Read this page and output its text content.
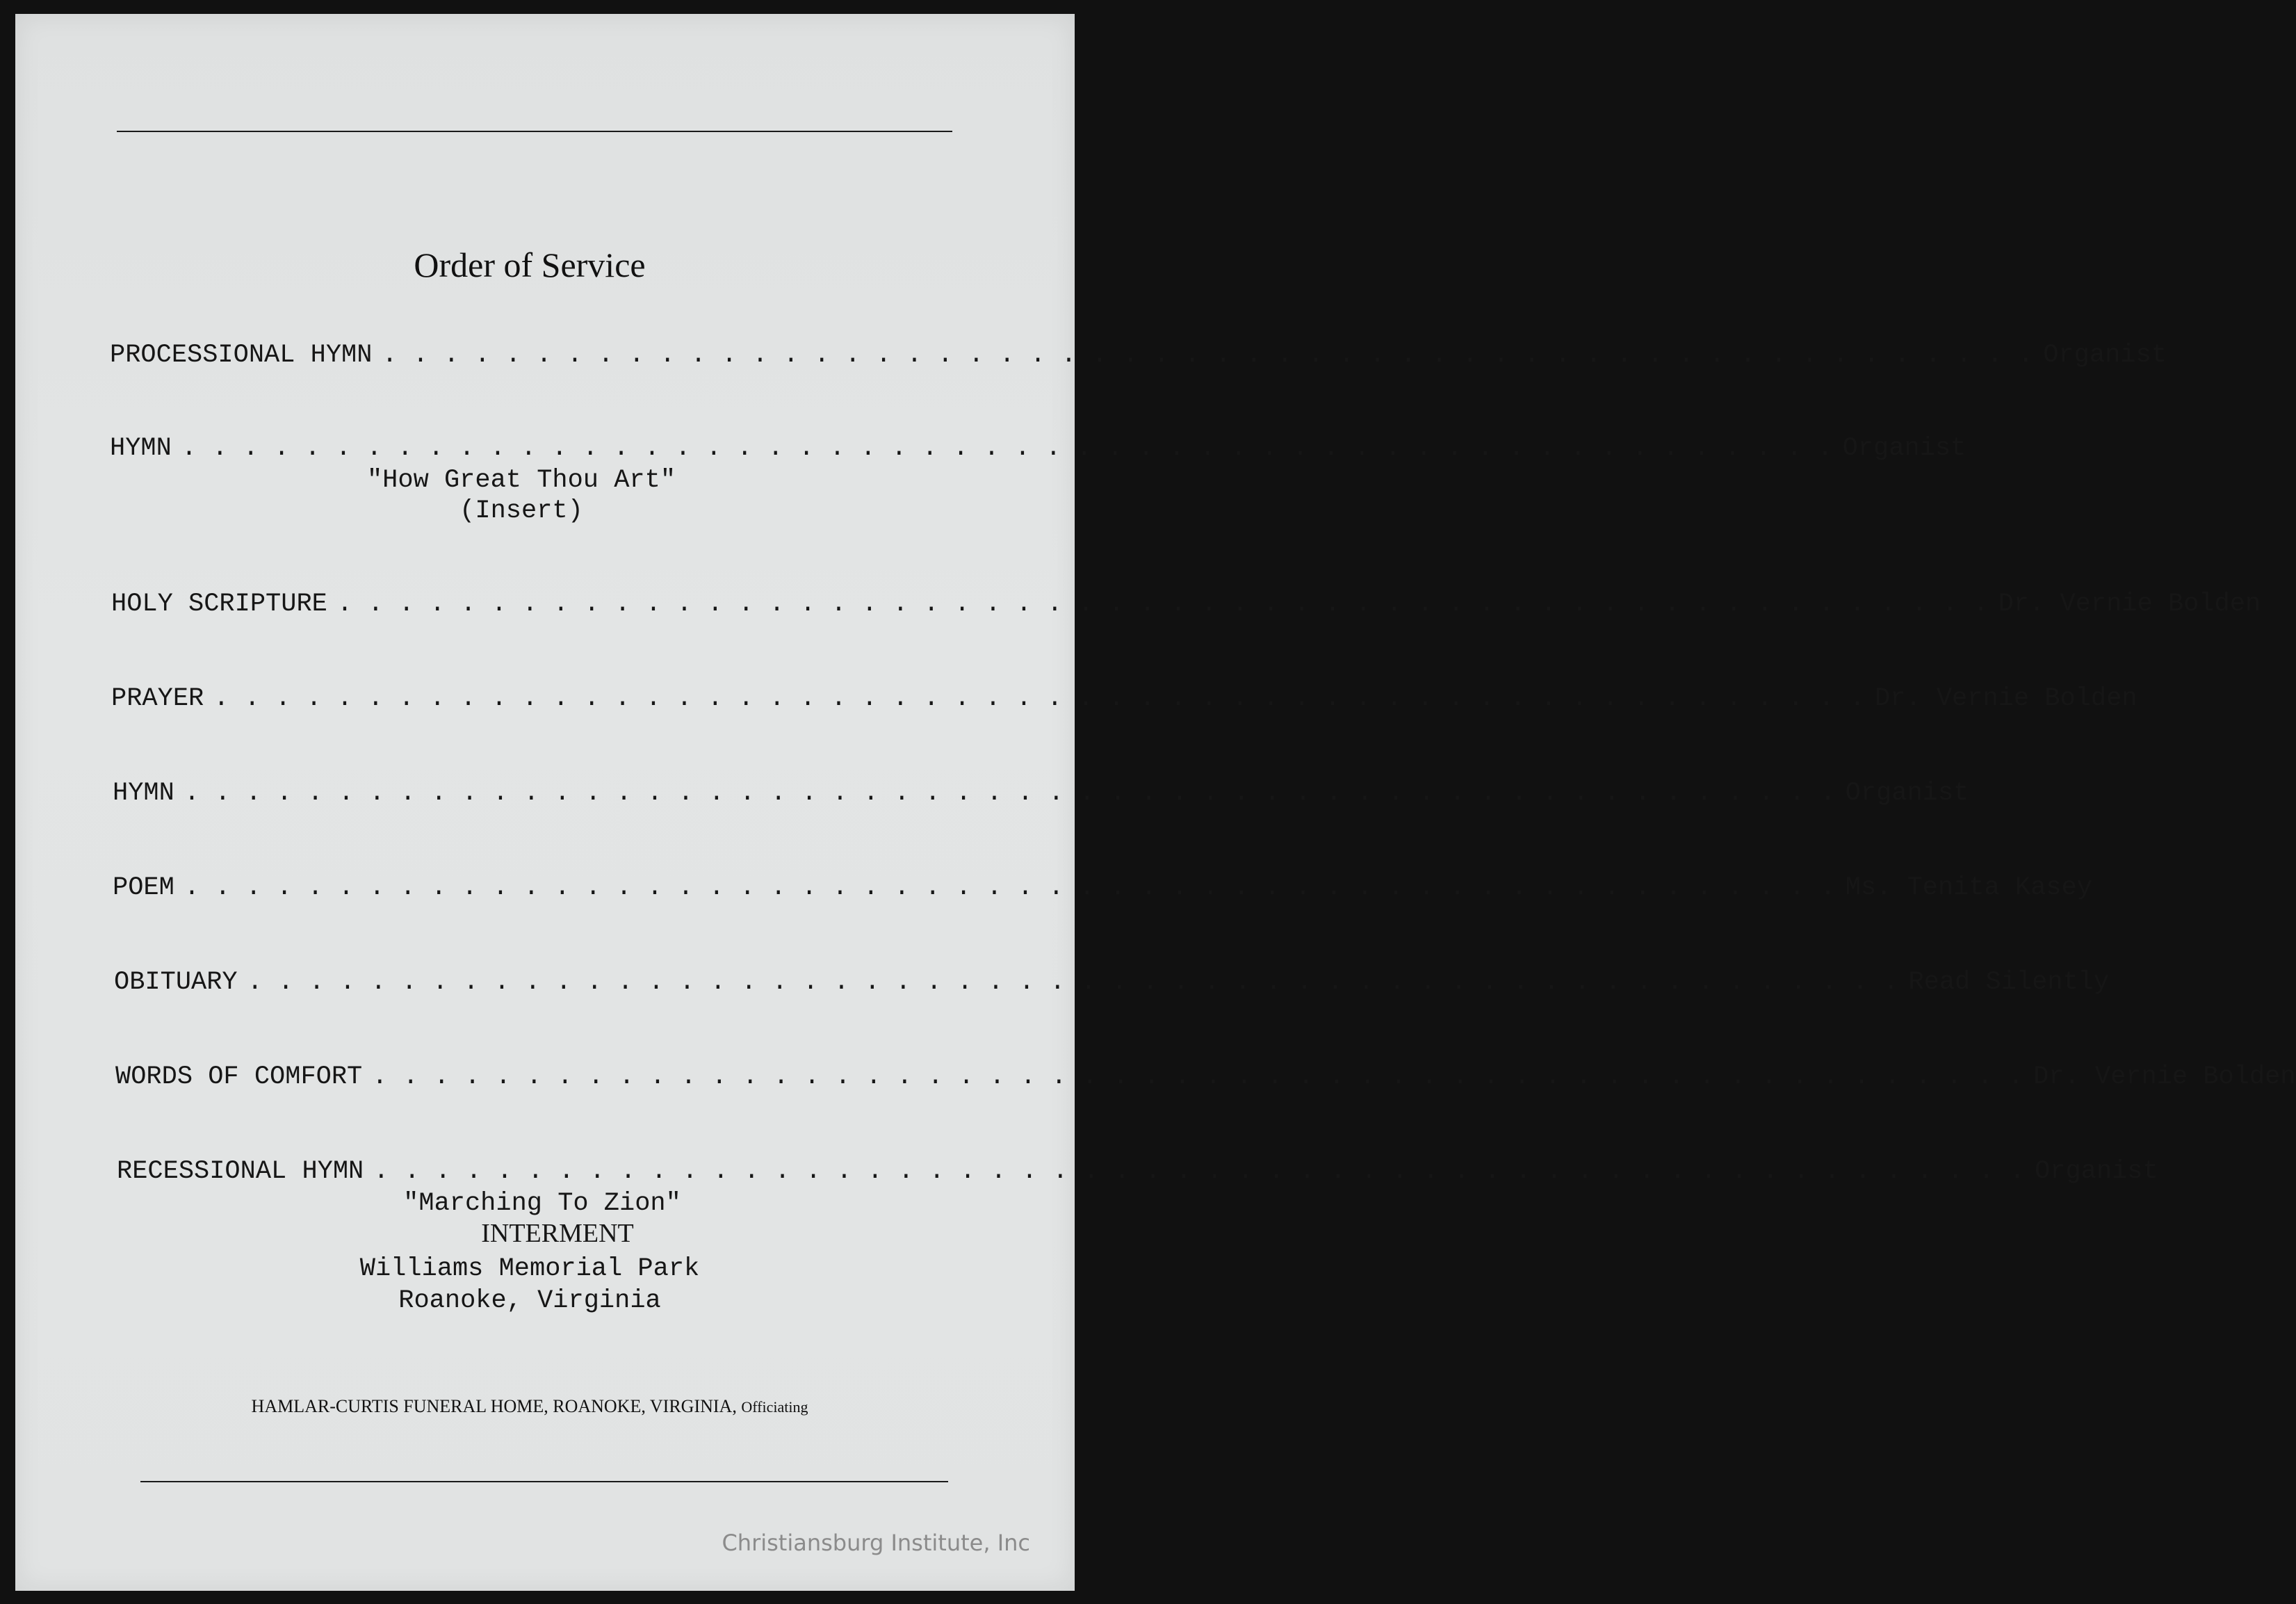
Order of Service
PROCESSIONAL HYMN . . . . . . . . . . . . . . . . . . . . . . . . . . . . . . . . . . . . . . . . . . . . . . . . . . . . . . Organist
HYMN . . . . . . . . . . . . . . . . . . . . . . . . . . . . . . . . . . . . . . . . . . . . . . . . . . . . . . Organist
"How Great Thou Art"
(Insert)
HOLY SCRIPTURE . . . . . . . . . . . . . . . . . . . . . . . . . . . . . . . . . . . . . . . . . . . . . . . . . . . . . . Dr. Vernie Bolden
PRAYER . . . . . . . . . . . . . . . . . . . . . . . . . . . . . . . . . . . . . . . . . . . . . . . . . . . . . . Dr. Vernie Bolden
HYMN . . . . . . . . . . . . . . . . . . . . . . . . . . . . . . . . . . . . . . . . . . . . . . . . . . . . . . Organist
POEM . . . . . . . . . . . . . . . . . . . . . . . . . . . . . . . . . . . . . . . . . . . . . . . . . . . . . . Ms. Tenita Kasey
OBITUARY . . . . . . . . . . . . . . . . . . . . . . . . . . . . . . . . . . . . . . . . . . . . . . . . . . . . . . Read Silently
WORDS OF COMFORT . . . . . . . . . . . . . . . . . . . . . . . . . . . . . . . . . . . . . . . . . . . . . . . . . . . . . . Dr. Vernie Bolden
RECESSIONAL HYMN . . . . . . . . . . . . . . . . . . . . . . . . . . . . . . . . . . . . . . . . . . . . . . . . . . . . . . Organist
"Marching To Zion"
INTERMENT
Williams Memorial Park
Roanoke, Virginia
HAMLAR-CURTIS FUNERAL HOME, ROANOKE, VIRGINIA, Officiating
Christiansburg Institute, Inc
